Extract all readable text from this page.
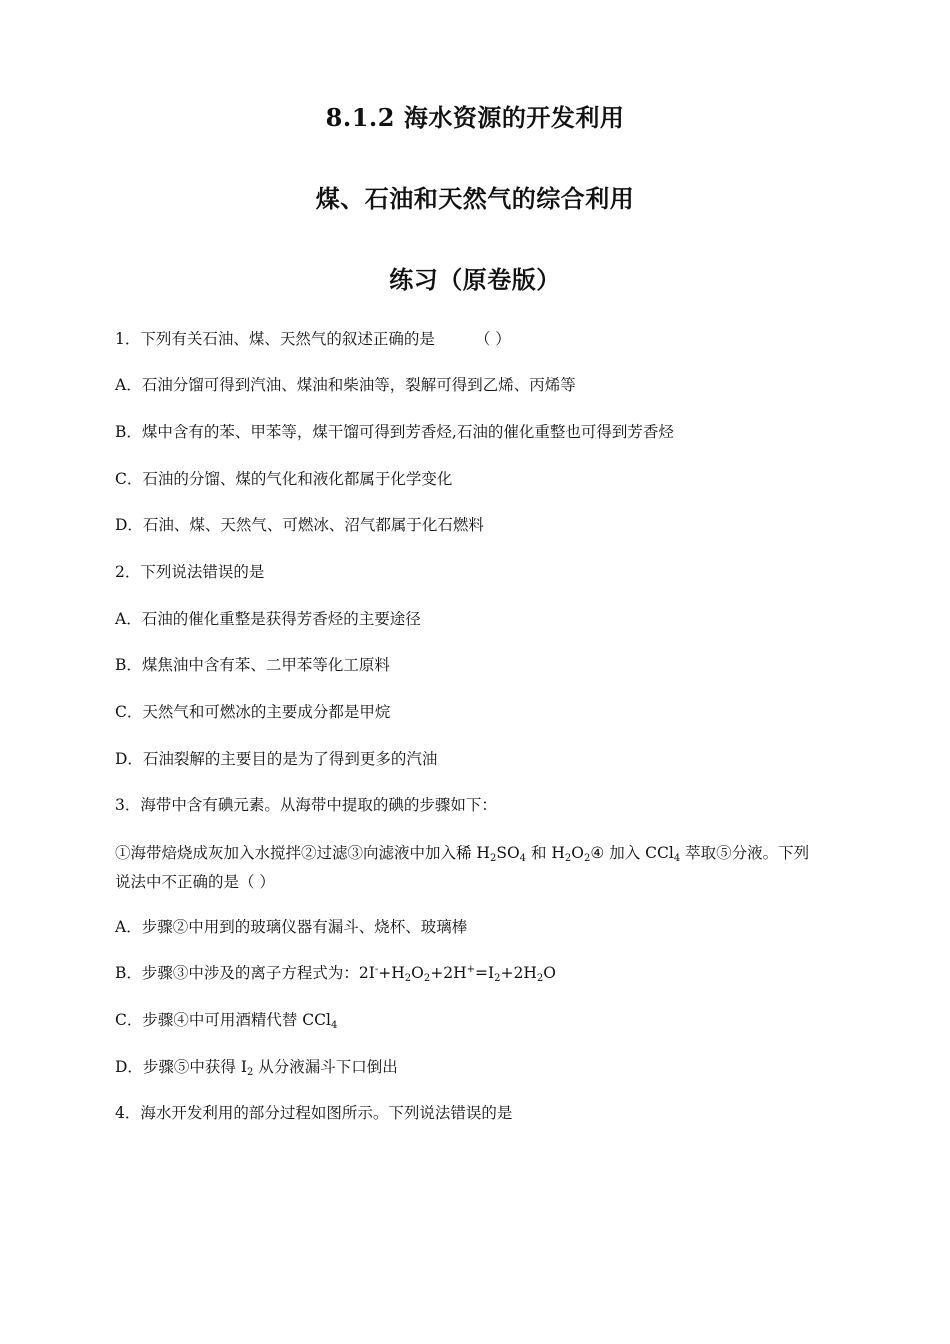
8.1.2 海水资源的开发利用
煤、石油和天然气的综合利用
练习（原卷版）
1．下列有关石油、煤、天然气的叙述正确的是	（ ）
A．石油分馏可得到汽油、煤油和柴油等，裂解可得到乙烯、丙烯等
B．煤中含有的苯、甲苯等，煤干馏可得到芳香烃,石油的催化重整也可得到芳香烃
C．石油的分馏、煤的气化和液化都属于化学变化
D．石油、煤、天然气、可燃冰、沼气都属于化石燃料
2．下列说法错误的是
A．石油的催化重整是获得芳香烃的主要途径
B．煤焦油中含有苯、二甲苯等化工原料
C．天然气和可燃冰的主要成分都是甲烷
D．石油裂解的主要目的是为了得到更多的汽油
3．海带中含有碘元素。从海带中提取的碘的步骤如下：
①海带焙烧成灰加入水搅拌②过滤③向滤液中加入稀 $H_2SO_4$ 和 $H_2O_2④$ 加入 CCl$_4$ 萃取⑤分液。下列
说法中不正确的是（ ）
A．步骤②中用到的玻璃仪器有漏斗、烧杯、玻璃棒
B．步骤③中涉及的离子方程式为：$2I^-+H_2O_2+2H^+=I_2+2H_2O$
C．步骤④中可用酒精代替 CCl$_4$
D．步骤⑤中获得 $I_2$ 从分液漏斗下口倒出
4．海水开发利用的部分过程如图所示。下列说法错误的是
